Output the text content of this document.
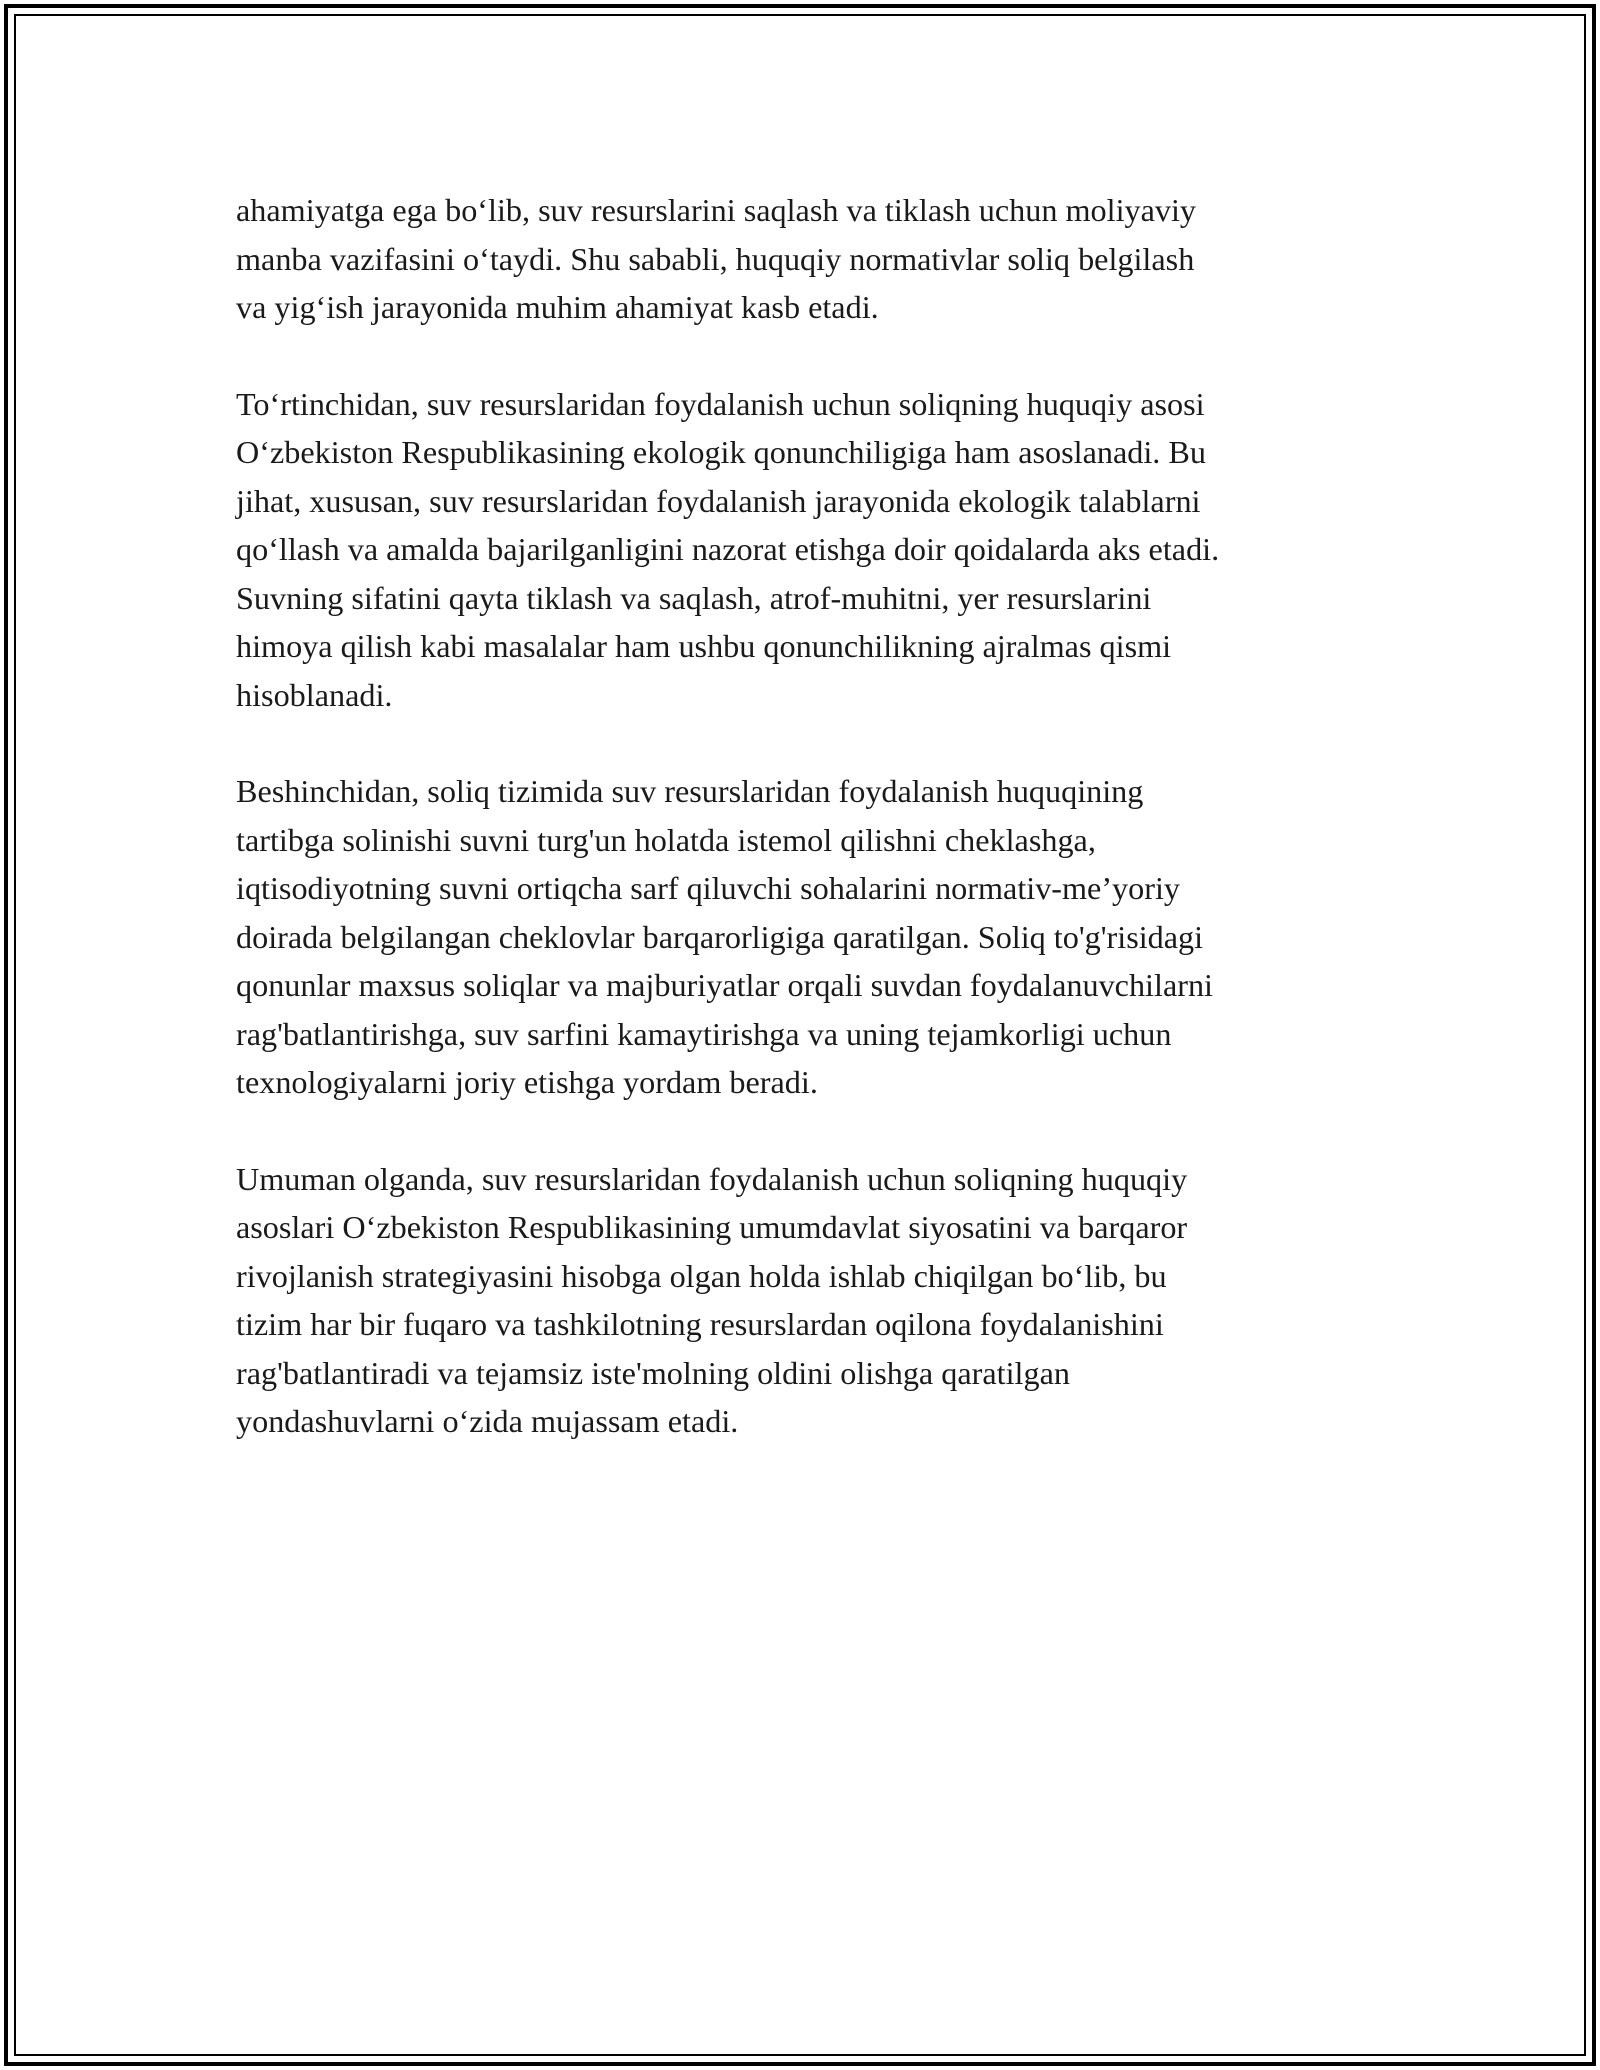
ahamiyatga ega bo‘lib, suv resurslarini saqlash va tiklash uchun moliyaviy
manba vazifasini o‘taydi. Shu sababli, huquqiy normativlar soliq belgilash
va yig‘ish jarayonida muhim ahamiyat kasb etadi.

To‘rtinchidan, suv resurslaridan foydalanish uchun soliqning huquqiy asosi
O‘zbekiston Respublikasining ekologik qonunchiligiga ham asoslanadi. Bu
jihat, xususan, suv resurslaridan foydalanish jarayonida ekologik talablarni
qo‘llash va amalda bajarilganligini nazorat etishga doir qoidalarda aks etadi.
Suvning sifatini qayta tiklash va saqlash, atrof-muhitni, yer resurslarini
himoya qilish kabi masalalar ham ushbu qonunchilikning ajralmas qismi
hisoblanadi.

Beshinchidan, soliq tizimida suv resurslaridan foydalanish huquqining
tartibga solinishi suvni turg'un holatda istemol qilishni cheklashga,
iqtisodiyotning suvni ortiqcha sarf qiluvchi sohalarini normativ-me’yoriy
doirada belgilangan cheklovlar barqarorligiga qaratilgan. Soliq to'g'risidagi
qonunlar maxsus soliqlar va majburiyatlar orqali suvdan foydalanuvchilarni
rag'batlantirishga, suv sarfini kamaytirishga va uning tejamkorligi uchun
texnologiyalarni joriy etishga yordam beradi.

Umuman olganda, suv resurslaridan foydalanish uchun soliqning huquqiy
asoslari O‘zbekiston Respublikasining umumdavlat siyosatini va barqaror
rivojlanish strategiyasini hisobga olgan holda ishlab chiqilgan bo‘lib, bu
tizim har bir fuqaro va tashkilotning resurslardan oqilona foydalanishini
rag'batlantiradi va tejamsiz iste'molning oldini olishga qaratilgan
yondashuvlarni o‘zida mujassam etadi.
